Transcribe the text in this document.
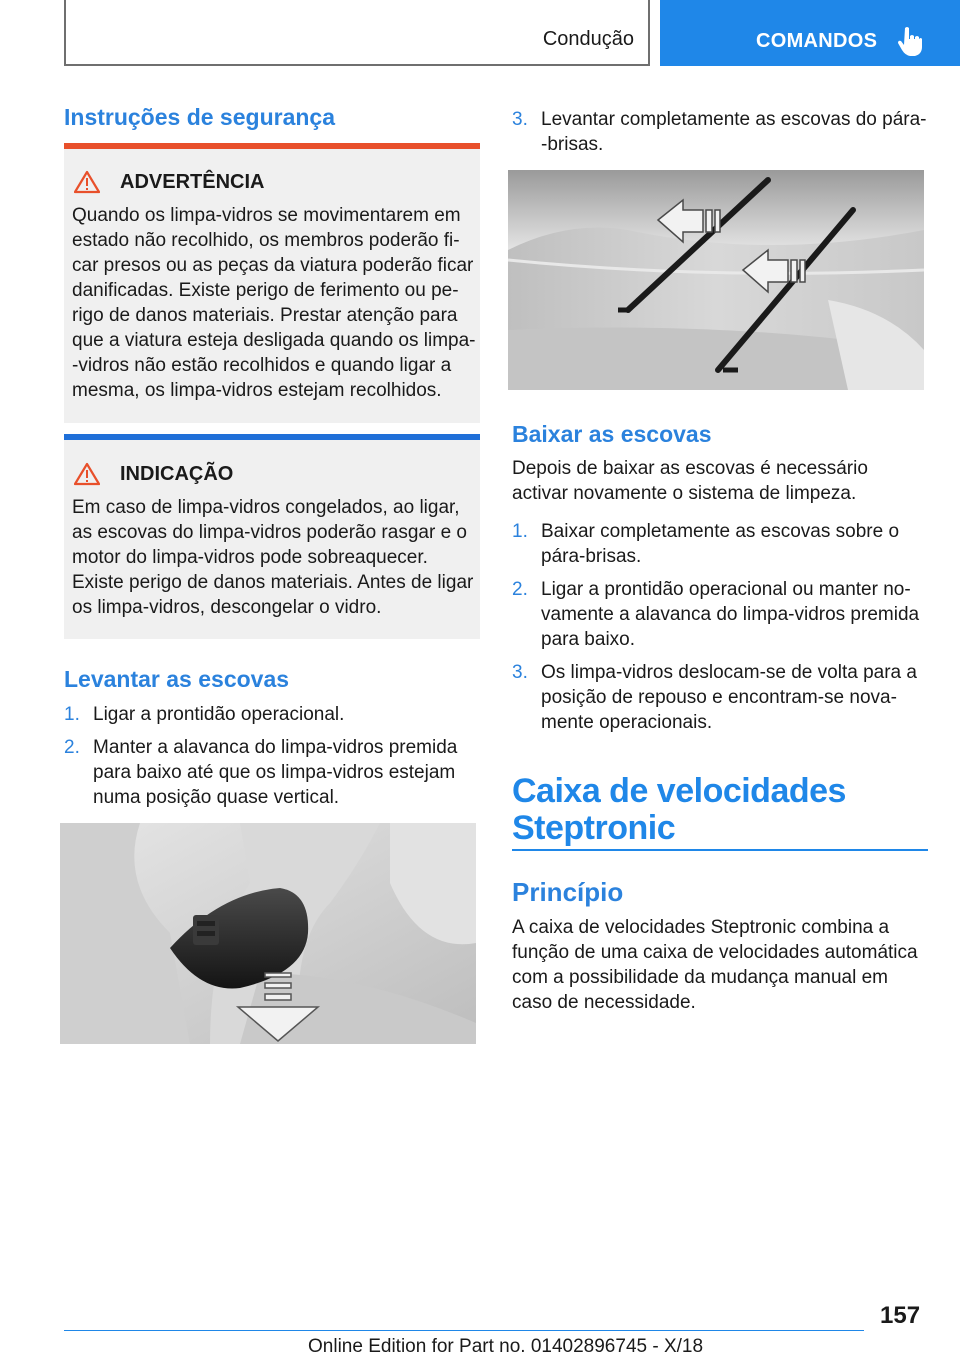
Condução	COMANDOS
Instruções de segurança
ADVERTÊNCIA
Quando os limpa-vidros se movimentarem em estado não recolhido, os membros poderão fi-car presos ou as peças da viatura poderão ficar danificadas. Existe perigo de ferimento ou pe-rigo de danos materiais. Prestar atenção para que a viatura esteja desligada quando os limpa--vidros não estão recolhidos e quando ligar a mesma, os limpa-vidros estejam recolhidos.
INDICAÇÃO
Em caso de limpa-vidros congelados, ao ligar, as escovas do limpa-vidros poderão rasgar e o motor do limpa-vidros pode sobreaquecer. Existe perigo de danos materiais. Antes de ligar os limpa-vidros, descongelar o vidro.
Levantar as escovas
1. Ligar a prontidão operacional.
2. Manter a alavanca do limpa-vidros premida para baixo até que os limpa-vidros estejam numa posição quase vertical.
3. Levantar completamente as escovas do pára--brisas.
Baixar as escovas
Depois de baixar as escovas é necessário activar novamente o sistema de limpeza.
1. Baixar completamente as escovas sobre o pára-brisas.
2. Ligar a prontidão operacional ou manter no-vamente a alavanca do limpa-vidros premida para baixo.
3. Os limpa-vidros deslocam-se de volta para a posição de repouso e encontram-se nova-mente operacionais.
Caixa de velocidades
Steptronic
Princípio
A caixa de velocidades Steptronic combina a função de uma caixa de velocidades automática com a possibilidade da mudança manual em caso de necessidade.
157
Online Edition for Part no. 01402896745 - X/18
